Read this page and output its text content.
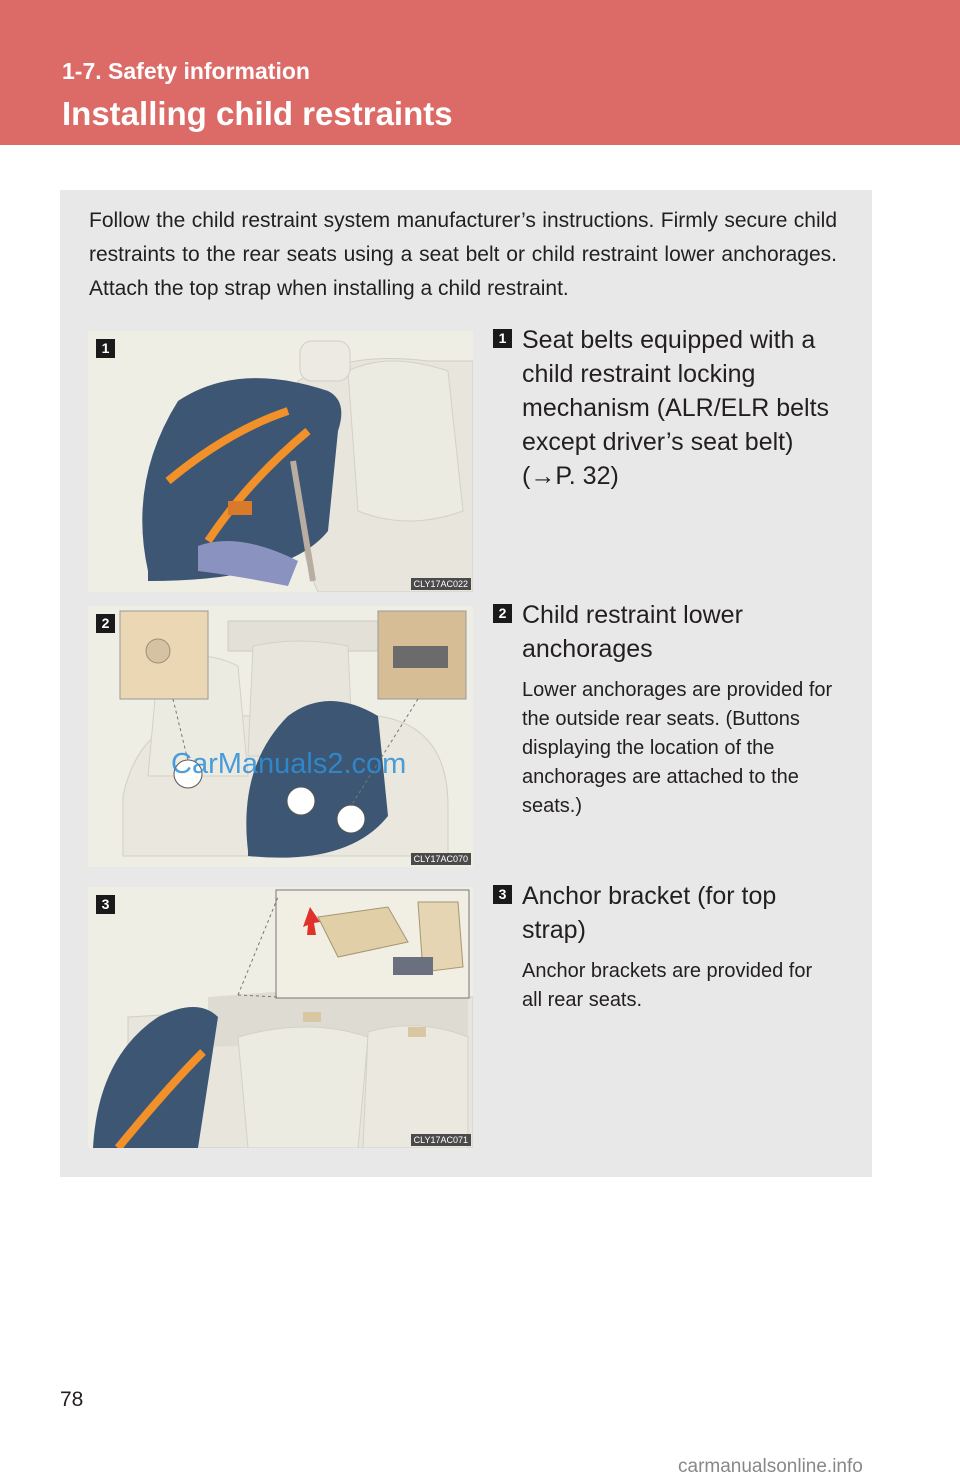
1-7. Safety information
Installing child restraints
Follow the child restraint system manufacturer’s instructions. Firmly secure child restraints to the rear seats using a seat belt or child restraint lower anchorages. Attach the top strap when installing a child restraint.
1
CLY17AC022
1 Seat belts equipped with a child restraint locking mechanism (ALR/ELR belts except driver’s seat belt) (→P. 32)
2
CLY17AC070
2 Child restraint lower anchorages
Lower anchorages are provided for the outside rear seats. (Buttons displaying the location of the anchorages are attached to the seats.)
3
CLY17AC071
3 Anchor bracket (for top strap)
Anchor brackets are provided for all rear seats.
CarManuals2.com
78
carmanualsonline.info
